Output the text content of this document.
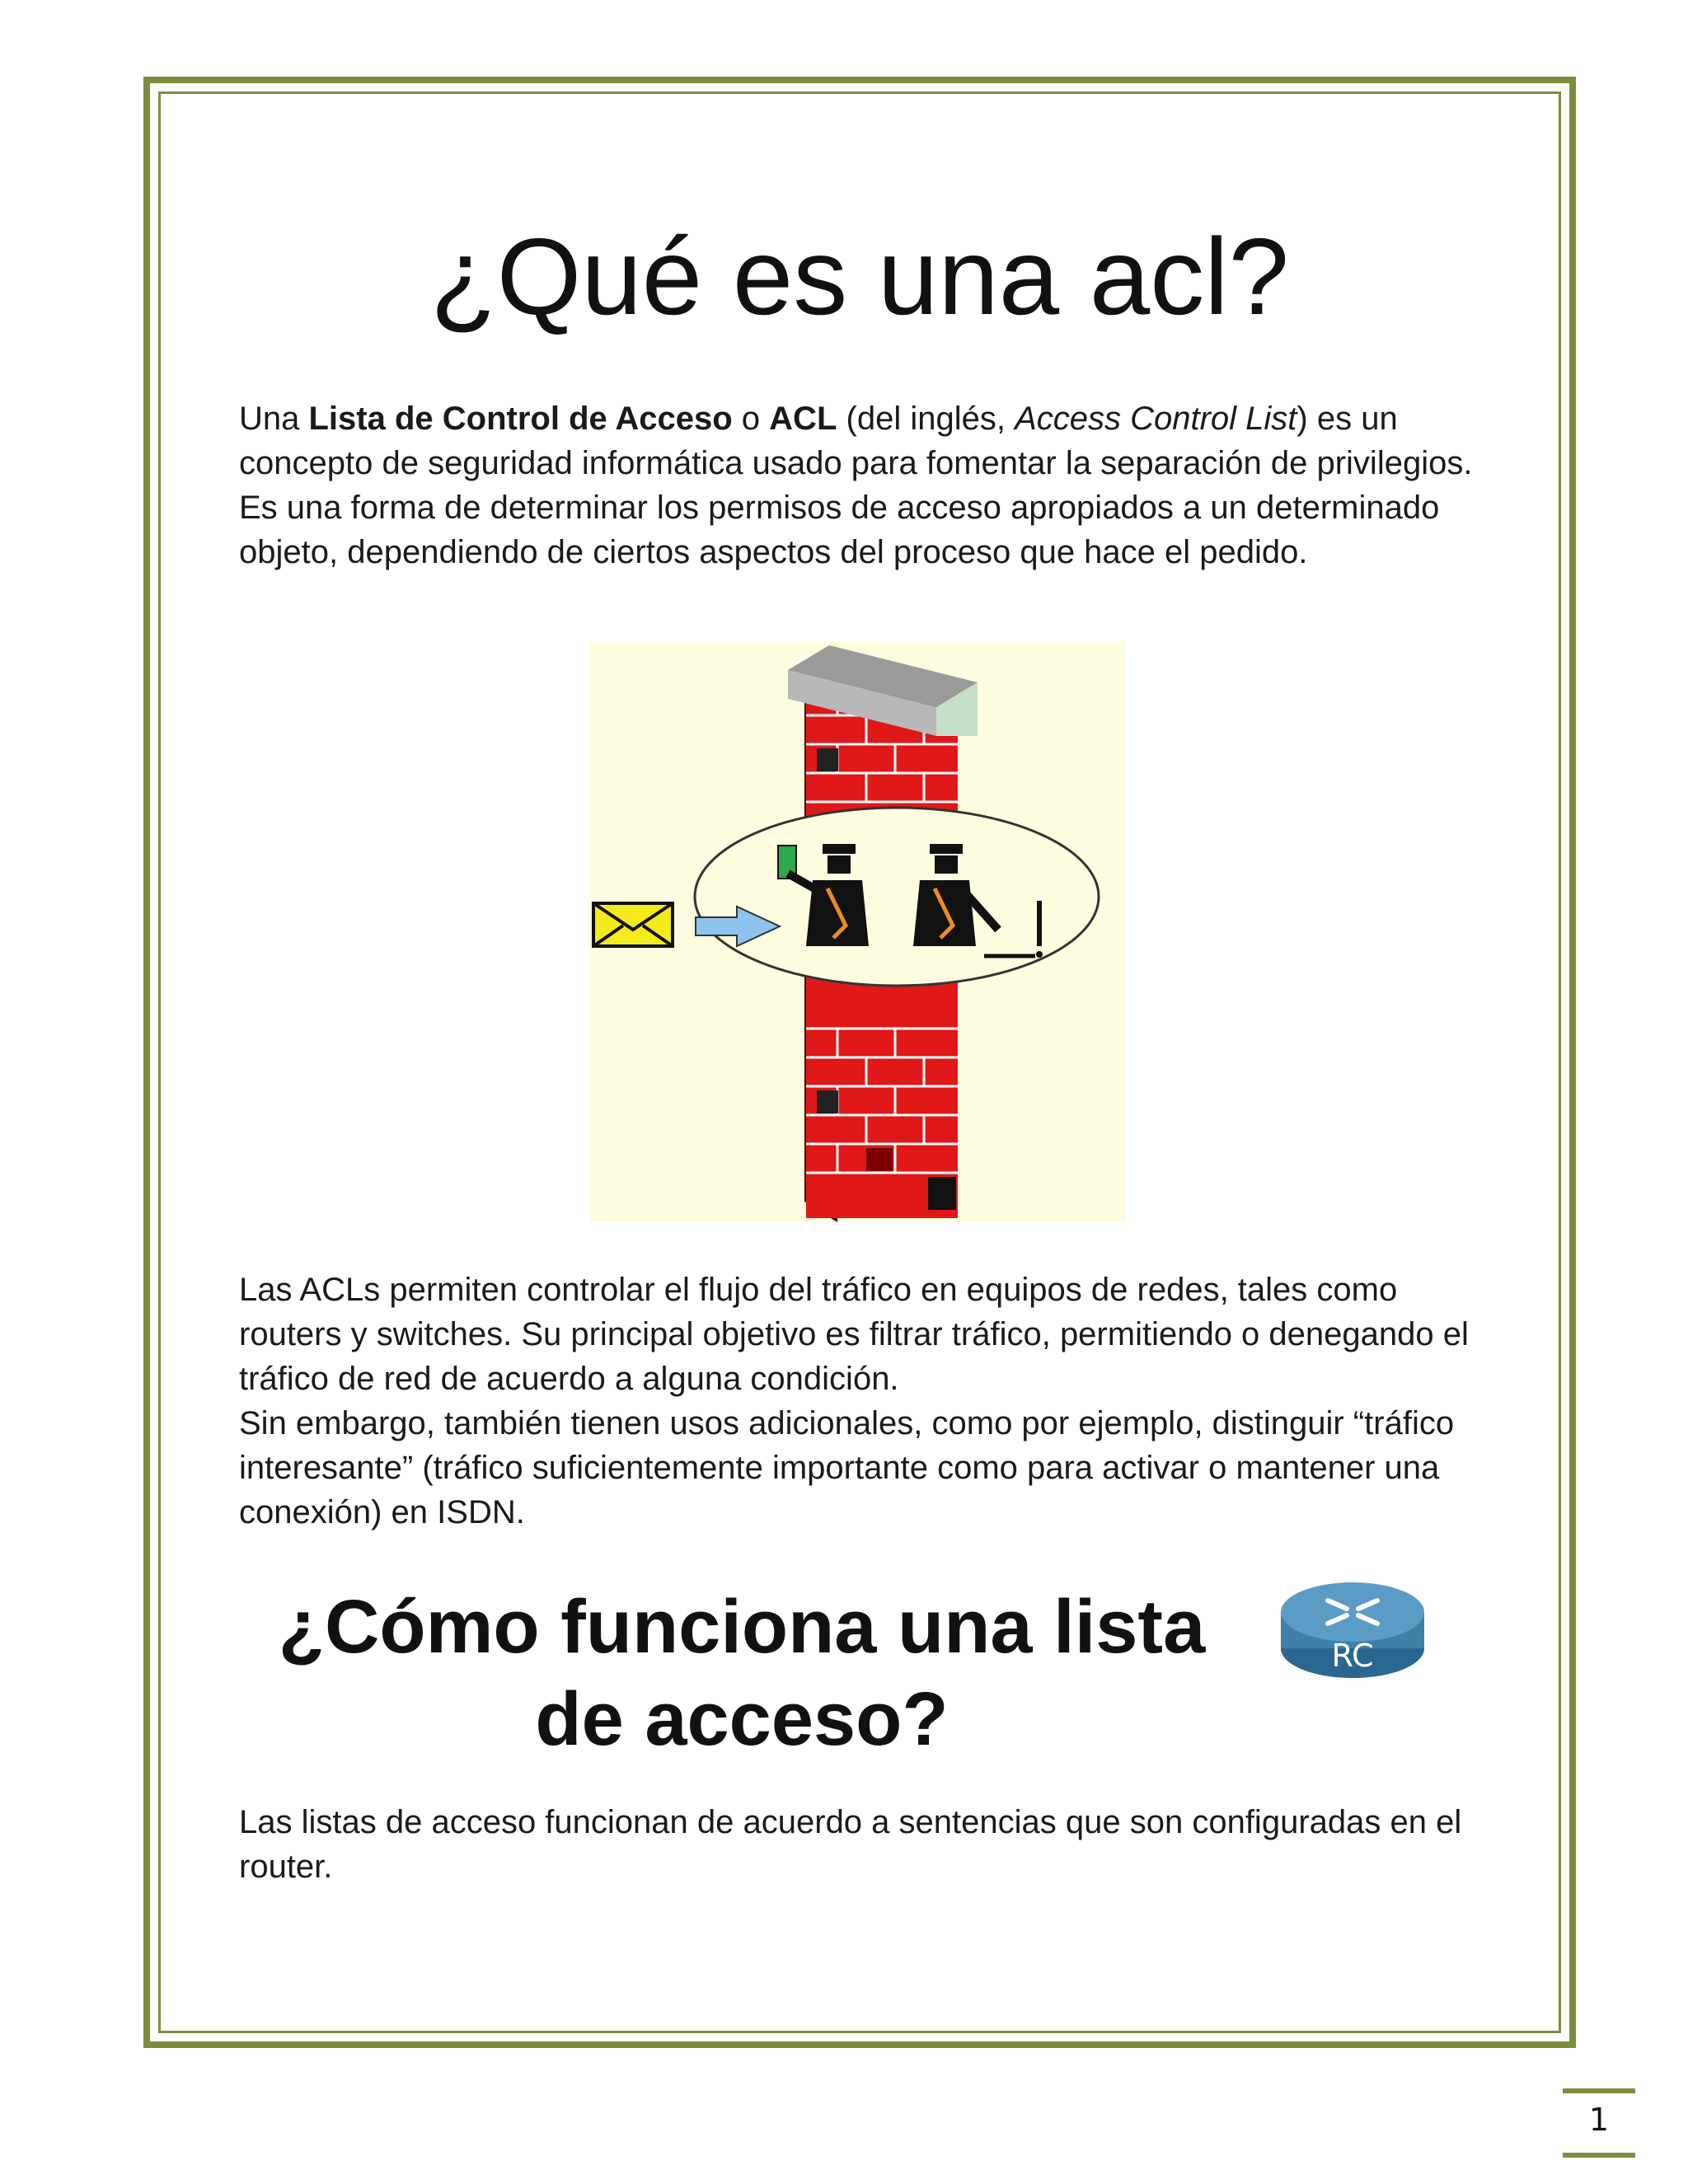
¿Qué es una acl?

Una Lista de Control de Acceso o ACL (del inglés, Access Control List) es un concepto de seguridad informática usado para fomentar la separación de privilegios. Es una forma de determinar los permisos de acceso apropiados a un determinado objeto, dependiendo de ciertos aspectos del proceso que hace el pedido.

Las ACLs permiten controlar el flujo del tráfico en equipos de redes, tales como routers y switches. Su principal objetivo es filtrar tráfico, permitiendo o denegando el tráfico de red de acuerdo a alguna condición.
Sin embargo, también tienen usos adicionales, como por ejemplo, distinguir “tráfico interesante” (tráfico suficientemente importante como para activar o mantener una conexión) en ISDN.
¿Cómo funciona una lista de acceso?
RC

Las listas de acceso funcionan de acuerdo a sentencias que son configuradas en el router.

1
